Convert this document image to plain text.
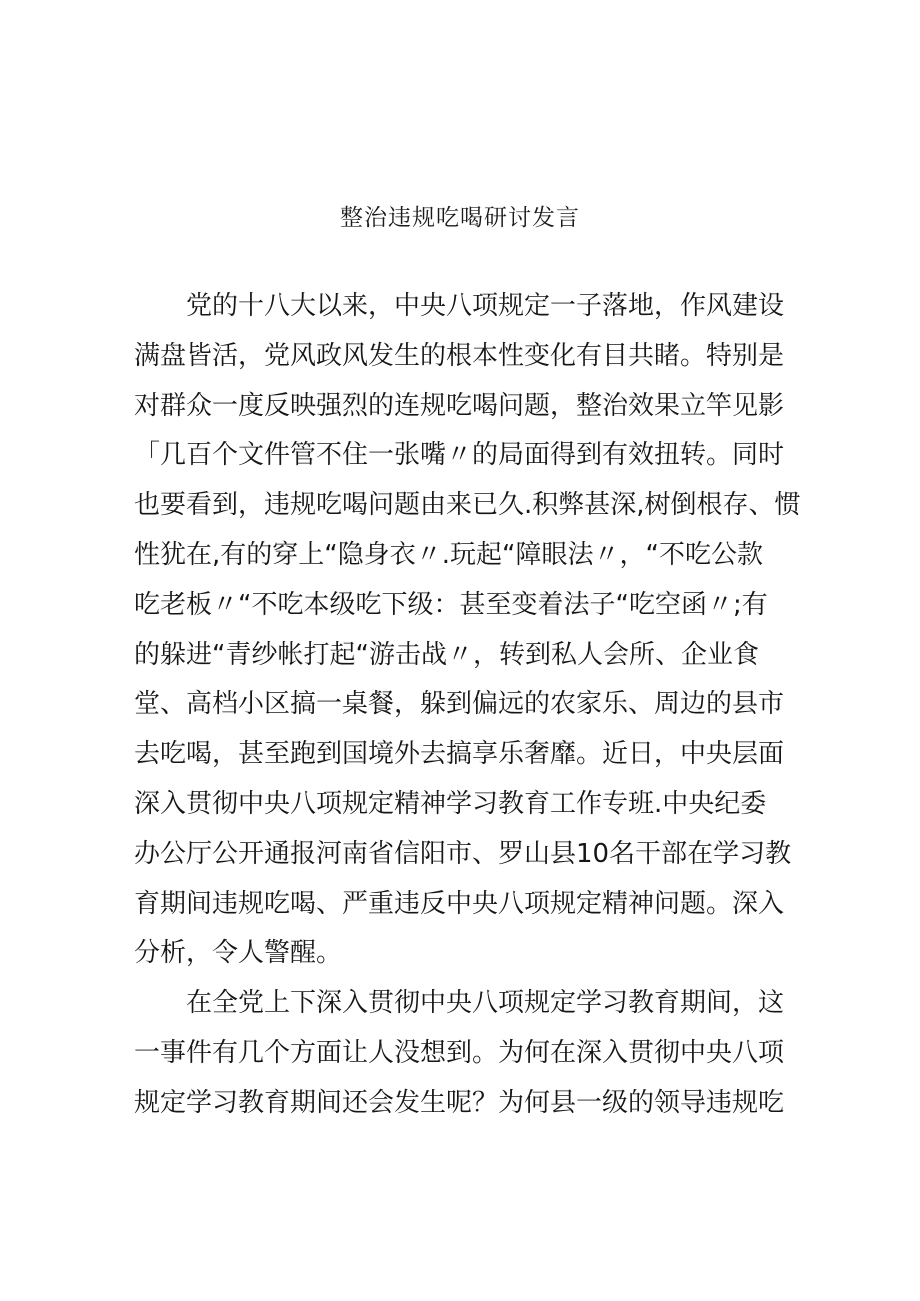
整治违规吃喝研讨发言
党的十八大以来，中央八项规定一子落地，作风建设
满盘皆活，党风政风发生的根本性变化有目共睹。特别是
对群众一度反映强烈的连规吃喝问题，整治效果立竿见影
「几百个文件管不住一张嘴〃的局面得到有效扭转。同时
也要看到，违规吃喝问题由来已久.积弊甚深,树倒根存、惯
性犹在,有的穿上“隐身衣〃.玩起“障眼法〃，“不吃公款
吃老板〃“不吃本级吃下级：甚至变着法子“吃空函〃;有
的躲进“青纱帐打起“游击战〃，转到私人会所、企业食
堂、高档小区搞一桌餐，躲到偏远的农家乐、周边的县市
去吃喝，甚至跑到国境外去搞享乐奢靡。近日，中央层面
深入贯彻中央八项规定精神学习教育工作专班.中央纪委
办公厅公开通报河南省信阳市、罗山县10名干部在学习教
育期间违规吃喝、严重违反中央八项规定精神问题。深入
分析，令人警醒。
在全党上下深入贯彻中央八项规定学习教育期间，这
一事件有几个方面让人没想到。为何在深入贯彻中央八项
规定学习教育期间还会发生呢？为何县一级的领导违规吃
